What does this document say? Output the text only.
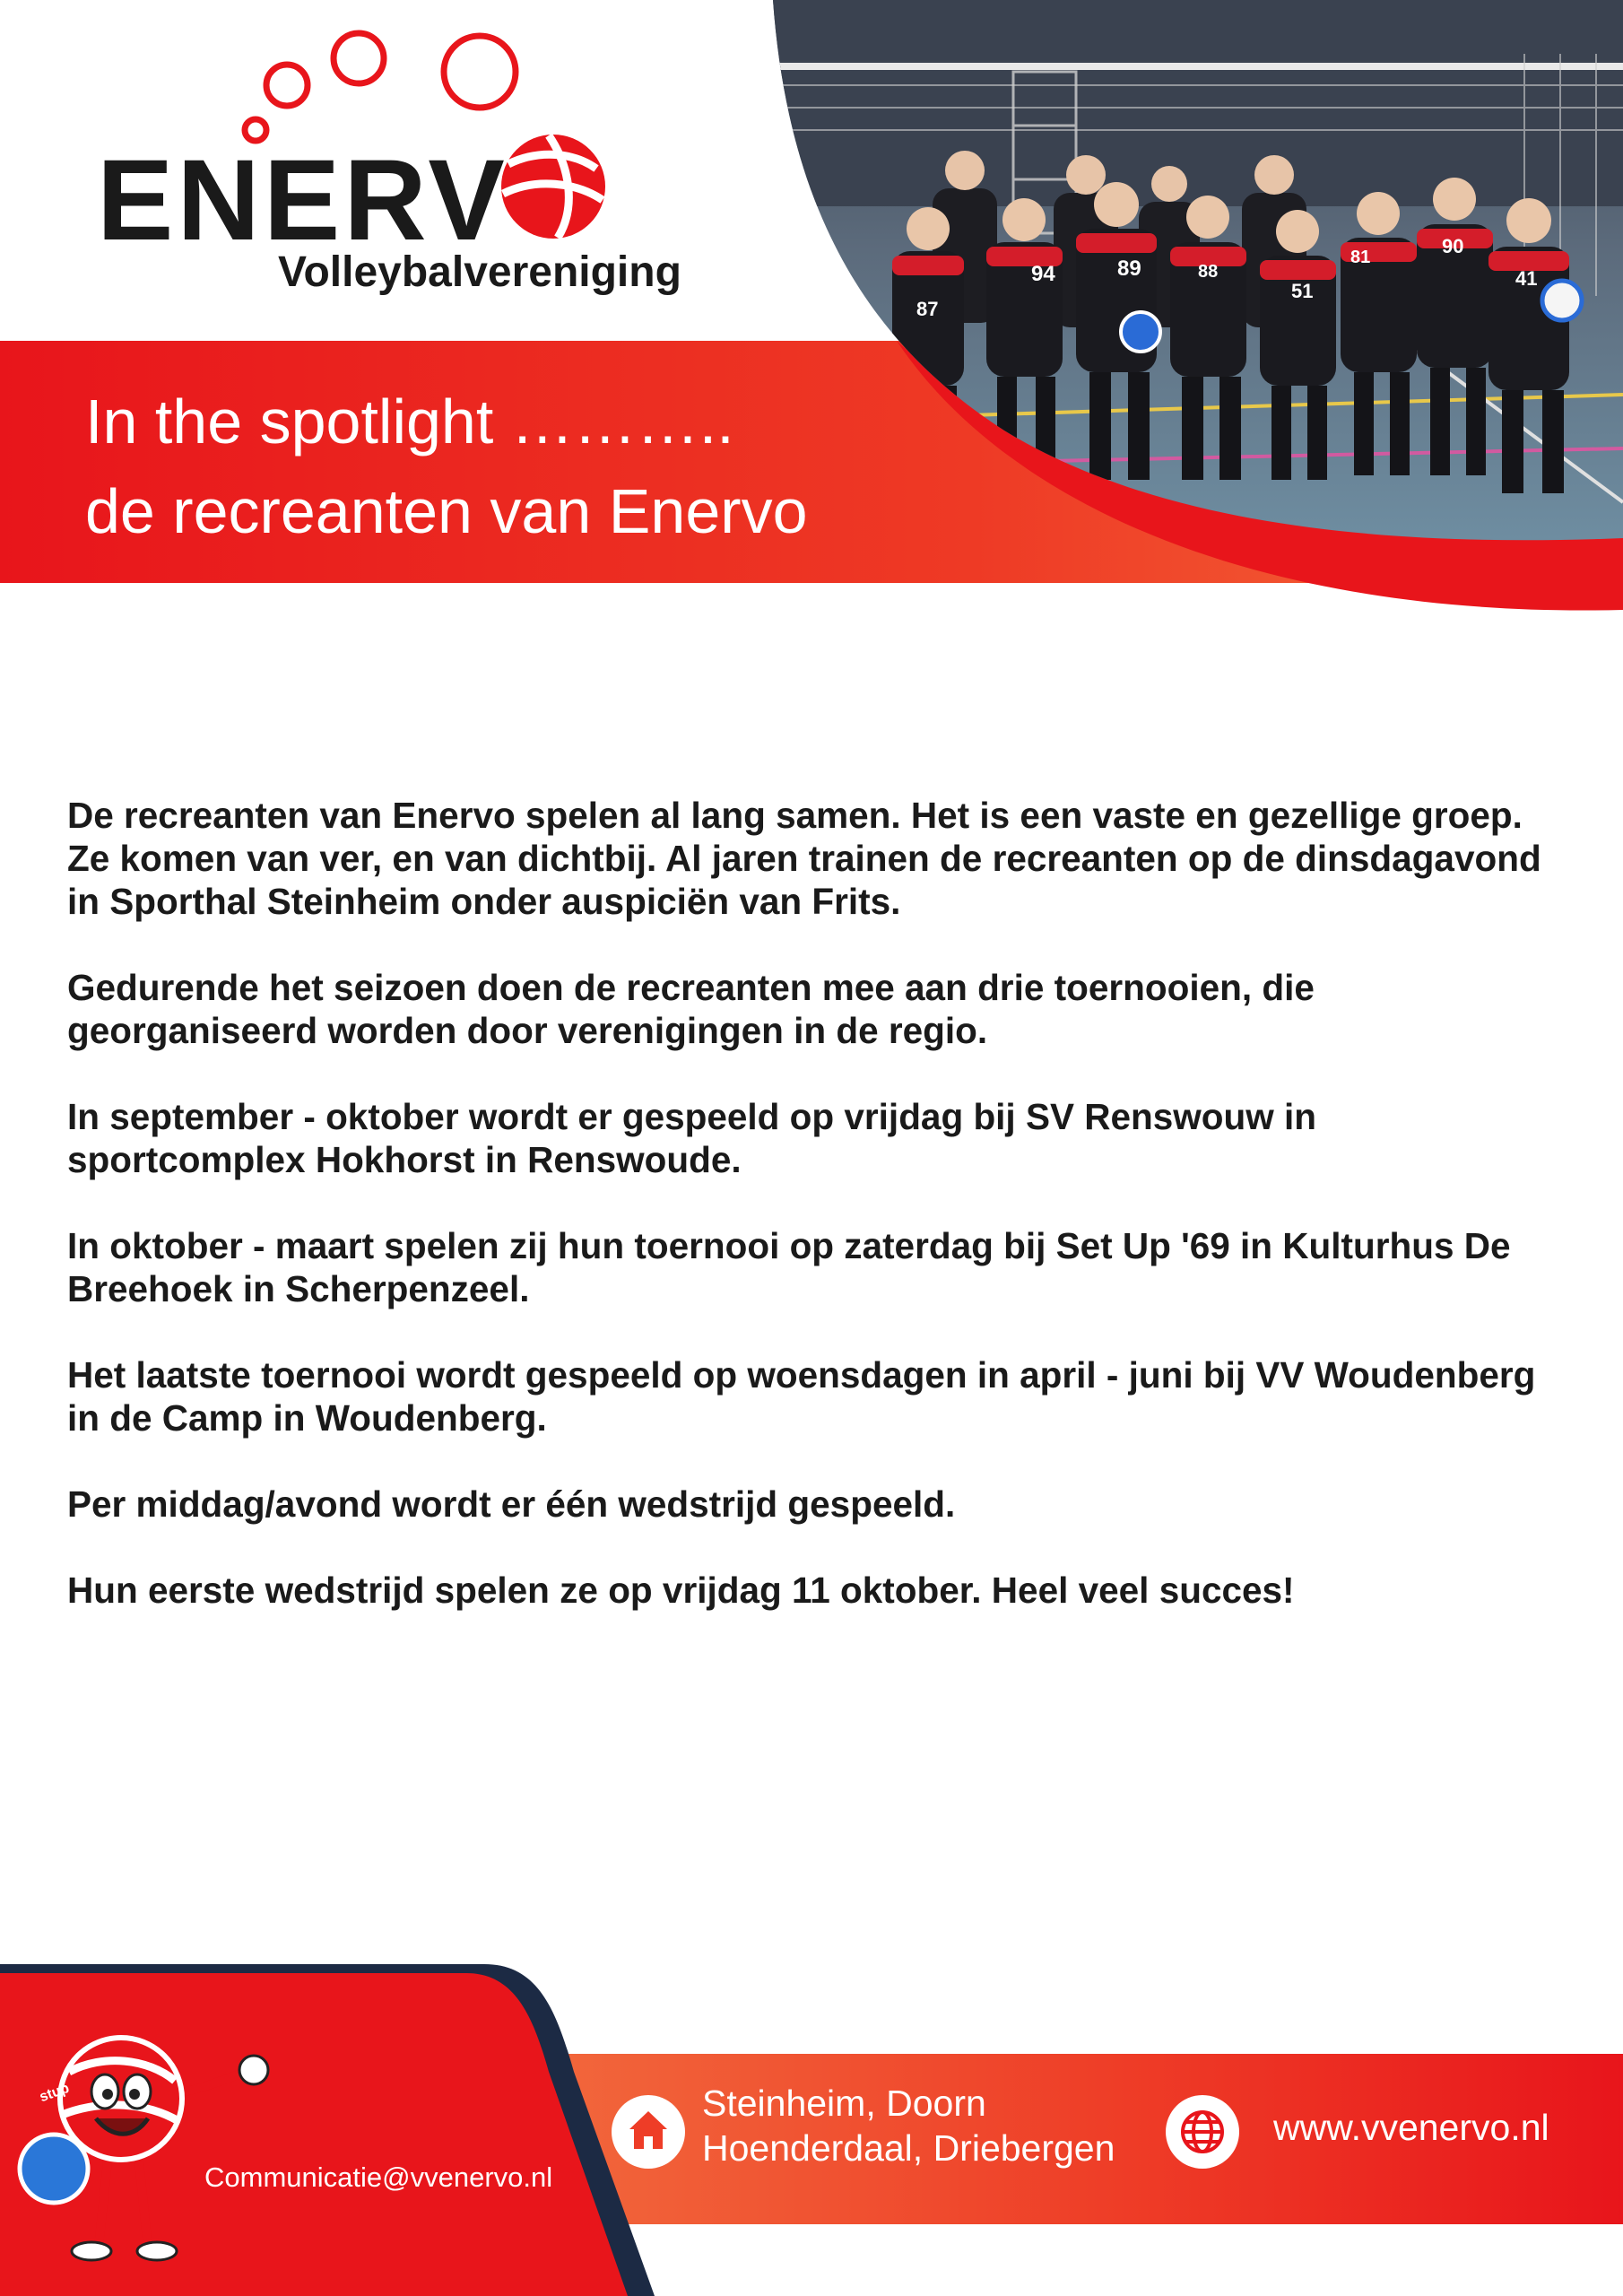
87
94	89	88
51
81	90
41
ENERV
Volleybalvereniging
In the spotlight ………..
de recreanten van Enervo

De recreanten van Enervo spelen al lang samen. Het is een vaste en gezellige groep. Ze komen van ver, en van dichtbij. Al jaren trainen de recreanten op de dinsdagavond in Sporthal Steinheim onder auspiciën van Frits.

Gedurende het seizoen doen de recreanten mee aan drie toernooien, die georganiseerd worden door verenigingen in de regio.

In september - oktober wordt er gespeeld op vrijdag bij SV Renswouw in sportcomplex Hokhorst in Renswoude.

In oktober - maart spelen zij hun toernooi op zaterdag bij Set Up '69 in Kulturhus De Breehoek in Scherpenzeel.

Het laatste toernooi wordt gespeeld op woensdagen in april - juni bij VV Woudenberg in de Camp in Woudenberg.

Per middag/avond wordt er één wedstrijd gespeeld.

Hun eerste wedstrijd spelen ze op vrijdag 11 oktober. Heel veel succes!

stup
Communicatie@vvenervo.nl
Steinheim, Doorn
Hoenderdaal, Driebergen	www.vvenervo.nl
